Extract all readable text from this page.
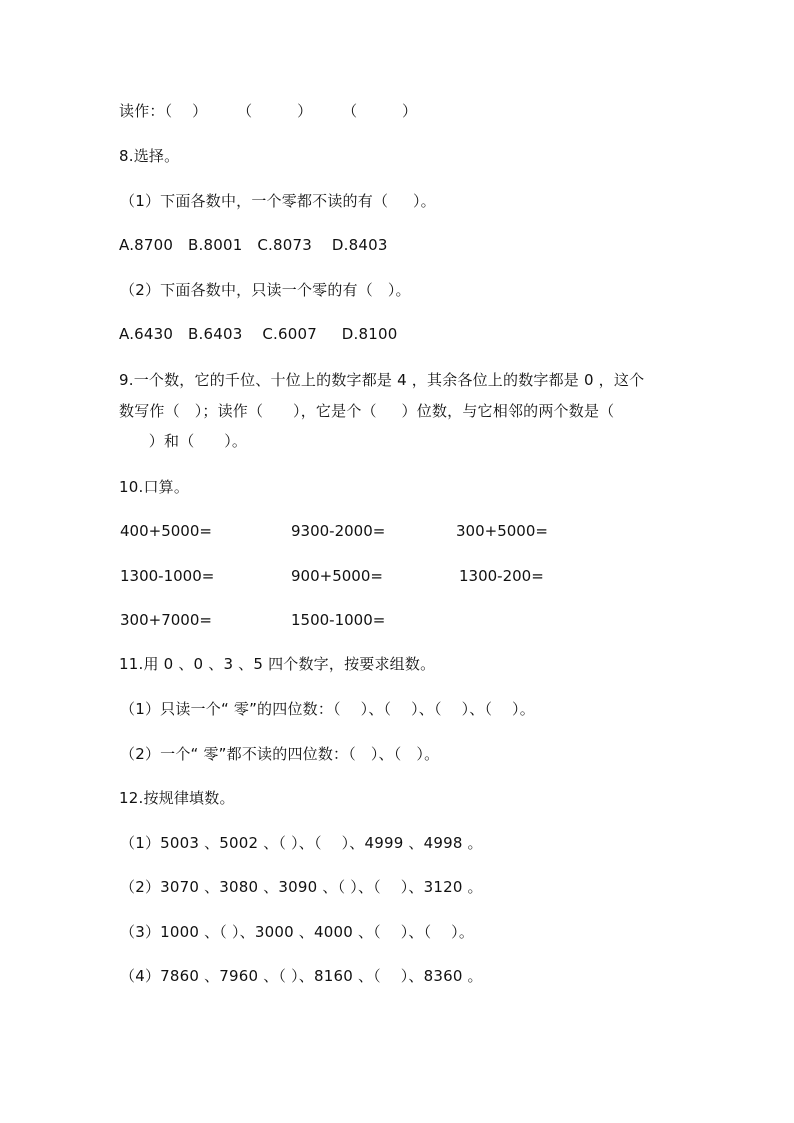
读作：（    ）      （         ）      （         ）
8.选择。
（1）下面各数中，一个零都不读的有（     ）。
A.8700   B.8001   C.8073    D.8403
（2）下面各数中，只读一个零的有（   ）。
A.6430   B.6403    C.6007     D.8100
9.一个数，它的千位、十位上的数字都是 4 ，其余各位上的数字都是 0 ，这个
数写作（   ）；读作（      ），它是个（     ）位数，与它相邻的两个数是（
）和（      ）。
10.口算。
400+5000=	9300-2000=	300+5000=
1300-1000=	900+5000=	1300-200=
300+7000=	1500-1000=
11.用 0 、0 、3 、5 四个数字，按要求组数。
（1）只读一个“ 零”的四位数：（    ）、（    ）、（    ）、（    ）。
（2）一个“ 零”都不读的四位数：（   ）、（   ）。
12.按规律填数。
（1）5003 、5002 、（ ）、（    ）、4999 、4998 。
（2）3070 、3080 、3090 、（ ）、（    ）、3120 。
（3）1000 、（ ）、3000 、4000 、（    ）、（    ）。
（4）7860 、7960 、（ ）、8160 、（    ）、8360 。
